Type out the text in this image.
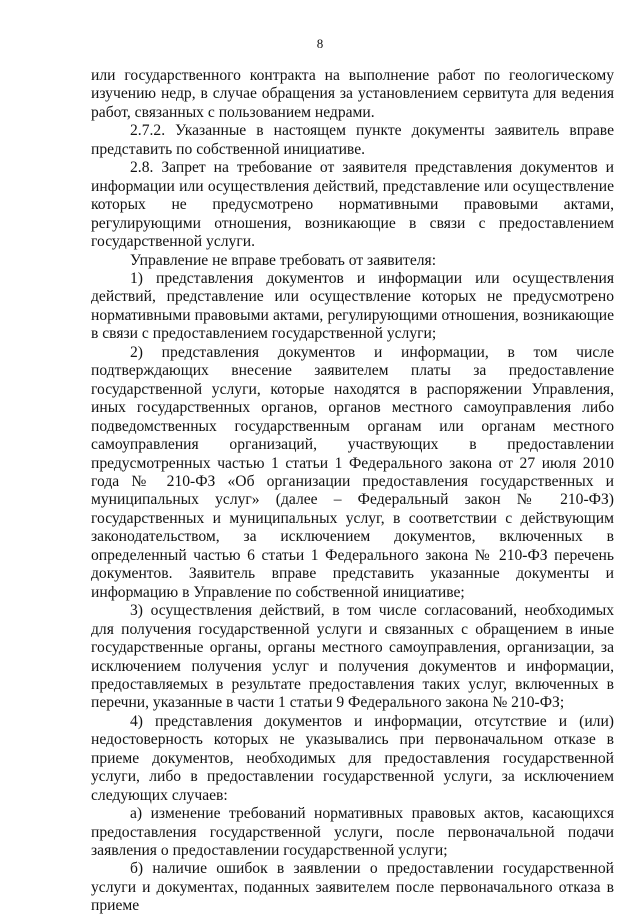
8

или государственного контракта на выполнение работ по геологическому изучению недр, в случае обращения за установлением сервитута для ведения работ, связанных с пользованием недрами.

2.7.2. Указанные в настоящем пункте документы заявитель вправе представить по собственной инициативе.

2.8. Запрет на требование от заявителя представления документов и информации или осуществления действий, представление или осуществление которых не предусмотрено нормативными правовыми актами, регулирующими отношения, возникающие в связи с предоставлением государственной услуги.

Управление не вправе требовать от заявителя:

1) представления документов и информации или осуществления действий, представление или осуществление которых не предусмотрено нормативными правовыми актами, регулирующими отношения, возникающие в связи с предоставлением государственной услуги;

2) представления документов и информации, в том числе подтверждающих внесение заявителем платы за предоставление государственной услуги, которые находятся в распоряжении Управления, иных государственных органов, органов местного самоуправления либо подведомственных государственным органам или органам местного самоуправления организаций, участвующих в предоставлении предусмотренных частью 1 статьи 1 Федерального закона от 27 июля 2010 года № 210-ФЗ «Об организации предоставления государственных и муниципальных услуг» (далее – Федеральный закон № 210-ФЗ) государственных и муниципальных услуг, в соответствии с действующим законодательством, за исключением документов, включенных в определенный частью 6 статьи 1 Федерального закона № 210-ФЗ перечень документов. Заявитель вправе представить указанные документы и информацию в Управление по собственной инициативе;

3) осуществления действий, в том числе согласований, необходимых для получения государственной услуги и связанных с обращением в иные государственные органы, органы местного самоуправления, организации, за исключением получения услуг и получения документов и информации, предоставляемых в результате предоставления таких услуг, включенных в перечни, указанные в части 1 статьи 9 Федерального закона № 210-ФЗ;

4) представления документов и информации, отсутствие и (или) недостоверность которых не указывались при первоначальном отказе в приеме документов, необходимых для предоставления государственной услуги, либо в предоставлении государственной услуги, за исключением следующих случаев:

а) изменение требований нормативных правовых актов, касающихся предоставления государственной услуги, после первоначальной подачи заявления о предоставлении государственной услуги;

б) наличие ошибок в заявлении о предоставлении государственной услуги и документах, поданных заявителем после первоначального отказа в приеме
